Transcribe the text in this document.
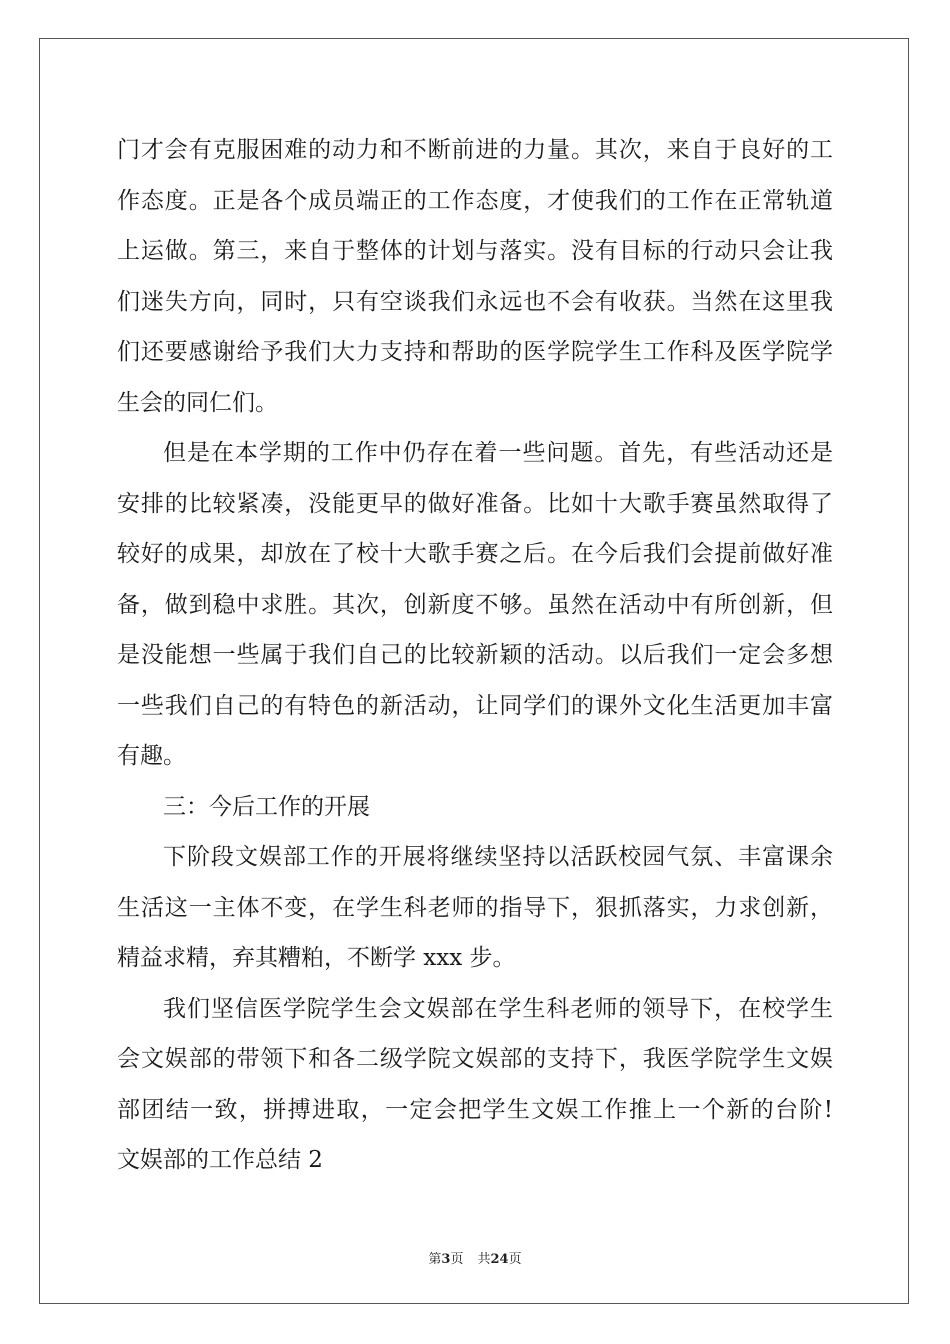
门才会有克服困难的动力和不断前进的力量。其次，来自于良好的工
作态度。正是各个成员端正的工作态度，才使我们的工作在正常轨道
上运做。第三，来自于整体的计划与落实。没有目标的行动只会让我
们迷失方向，同时，只有空谈我们永远也不会有收获。当然在这里我
们还要感谢给予我们大力支持和帮助的医学院学生工作科及医学院学
生会的同仁们。
但是在本学期的工作中仍存在着一些问题。首先，有些活动还是
安排的比较紧凑，没能更早的做好准备。比如十大歌手赛虽然取得了
较好的成果，却放在了校十大歌手赛之后。在今后我们会提前做好准
备，做到稳中求胜。其次，创新度不够。虽然在活动中有所创新，但
是没能想一些属于我们自己的比较新颖的活动。以后我们一定会多想
一些我们自己的有特色的新活动，让同学们的课外文化生活更加丰富
有趣。
三：今后工作的开展
下阶段文娱部工作的开展将继续坚持以活跃校园气氛、丰富课余
生活这一主体不变，在学生科老师的指导下，狠抓落实，力求创新，
精益求精，弃其糟粕，不断学 xxx 步。
我们坚信医学院学生会文娱部在学生科老师的领导下，在校学生
会文娱部的带领下和各二级学院文娱部的支持下，我医学院学生文娱
部团结一致，拼搏进取，一定会把学生文娱工作推上一个新的台阶!
文娱部的工作总结 2
第3页 共24页
